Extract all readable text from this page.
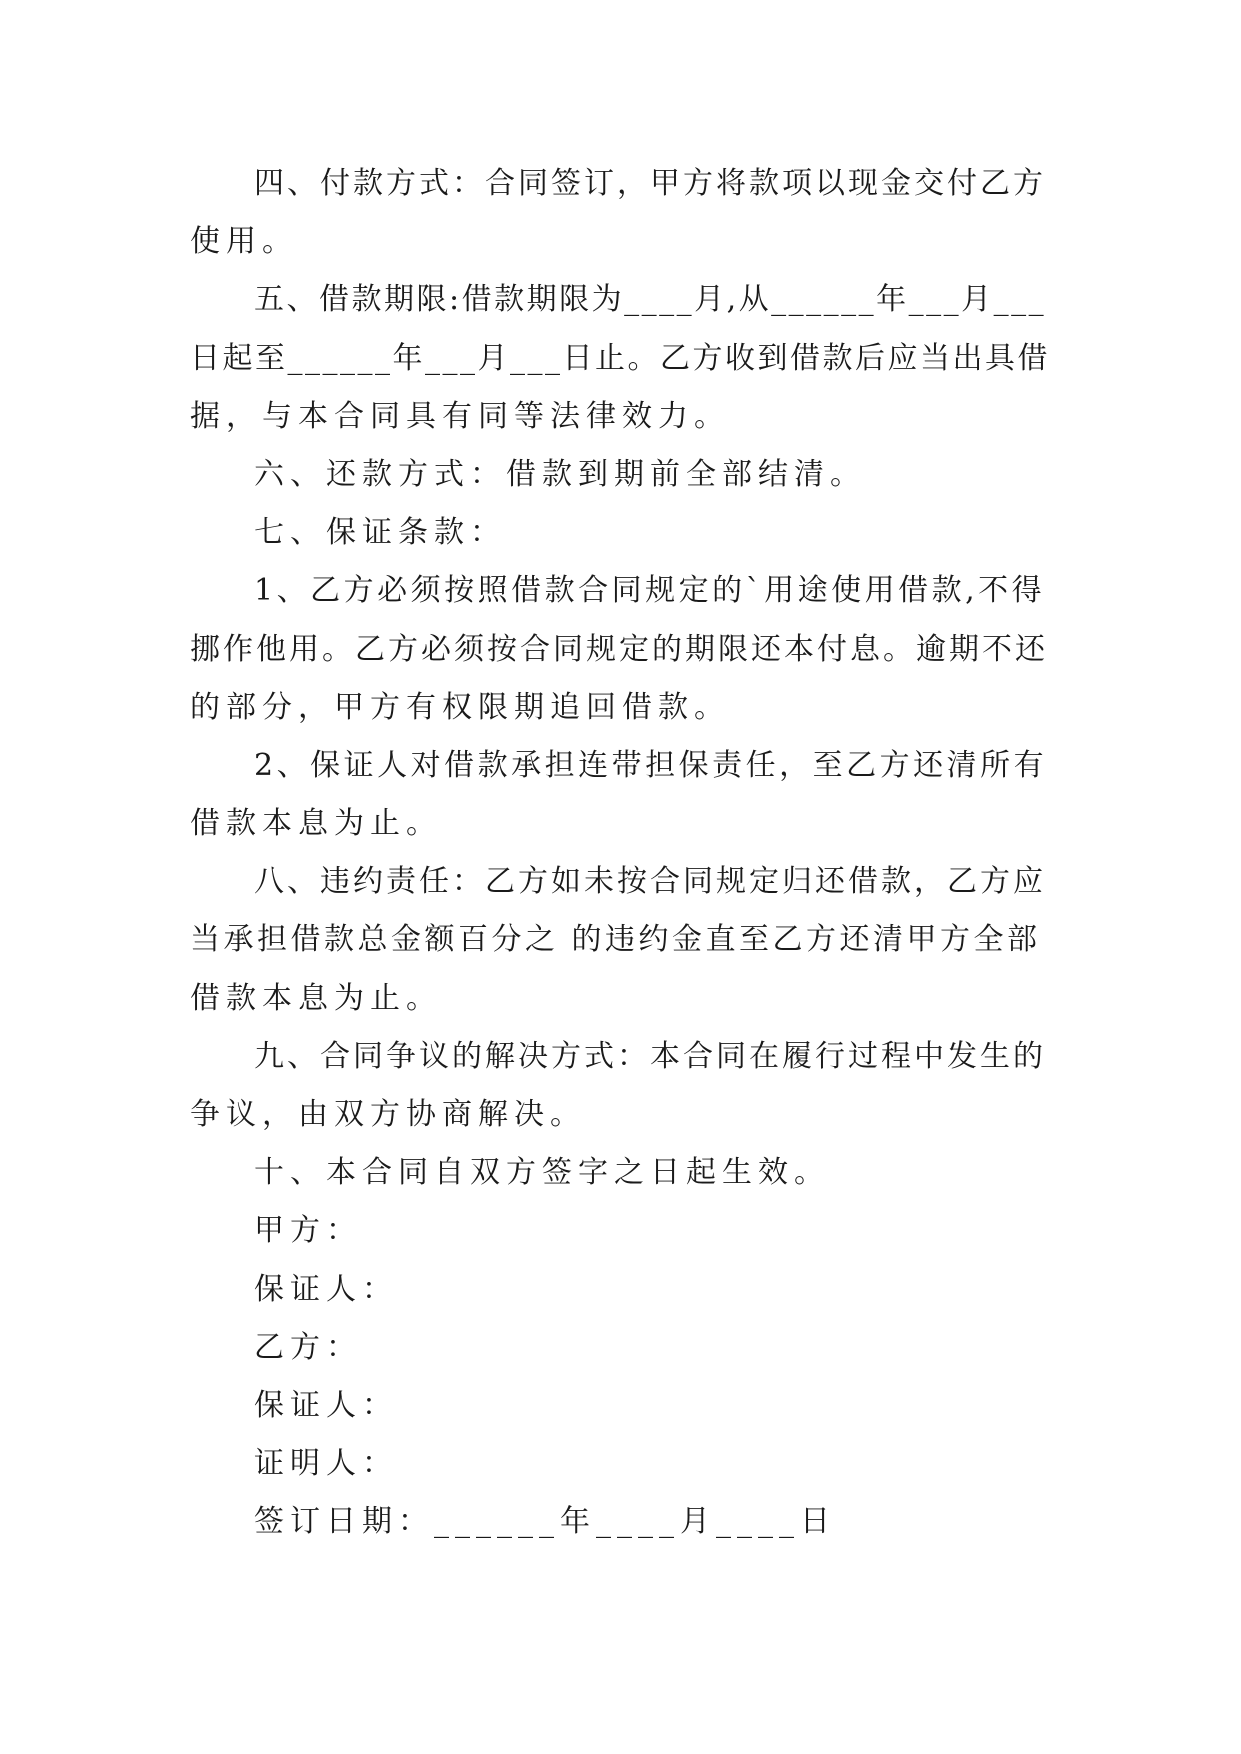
四、付款方式：合同签订，甲方将款项以现金交付乙方
使用。
五、借款期限:借款期限为____月,从______年___月___
日起至______年___月___日止。乙方收到借款后应当出具借
据，与本合同具有同等法律效力。
六、还款方式：借款到期前全部结清。
七、保证条款：
1、乙方必须按照借款合同规定的`用途使用借款,不得
挪作他用。乙方必须按合同规定的期限还本付息。逾期不还
的部分，甲方有权限期追回借款。
2、保证人对借款承担连带担保责任，至乙方还清所有
借款本息为止。
八、违约责任：乙方如未按合同规定归还借款，乙方应
当承担借款总金额百分之 的违约金直至乙方还清甲方全部
借款本息为止。
九、合同争议的解决方式：本合同在履行过程中发生的
争议，由双方协商解决。
十、本合同自双方签字之日起生效。
甲方：
保证人：
乙方：
保证人：
证明人：
签订日期：______年____月____日
